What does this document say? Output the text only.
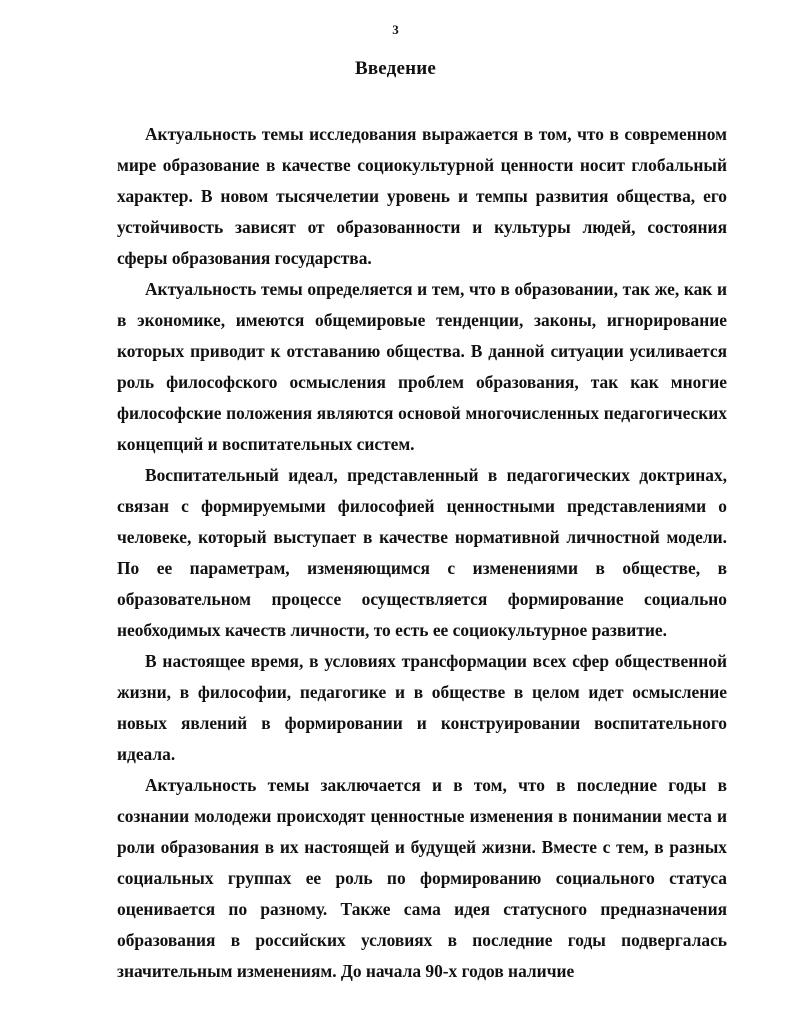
3
Введение

Актуальность темы исследования выражается в том, что в современном мире образование в качестве социокультурной ценности носит глобальный характер. В новом тысячелетии уровень и темпы развития общества, его устойчивость зависят от образованности и культуры людей, состояния сферы образования государства.

Актуальность темы определяется и тем, что в образовании, так же, как и в экономике, имеются общемировые тенденции, законы, игнорирование которых приводит к отставанию общества. В данной ситуации усиливается роль философского осмысления проблем образования, так как многие философские положения являются основой многочисленных педагогических концепций и воспитательных систем.

Воспитательный идеал, представленный в педагогических доктринах, связан с формируемыми философией ценностными представлениями о человеке, который выступает в качестве нормативной личностной модели. По ее параметрам, изменяющимся с изменениями в обществе, в образовательном процессе осуществляется формирование социально необходимых качеств личности, то есть ее социокультурное развитие.

В настоящее время, в условиях трансформации всех сфер общественной жизни, в философии, педагогике и в обществе в целом идет осмысление новых явлений в формировании и конструировании воспитательного идеала.

Актуальность темы заключается и в том, что в последние годы в сознании молодежи происходят ценностные изменения в понимании места и роли образования в их настоящей и будущей жизни. Вместе с тем, в разных социальных группах ее роль по формированию социального статуса оценивается по разному. Также сама идея статусного предназначения образования в российских условиях в последние годы подвергалась значительным изменениям. До начала 90-х годов наличие
